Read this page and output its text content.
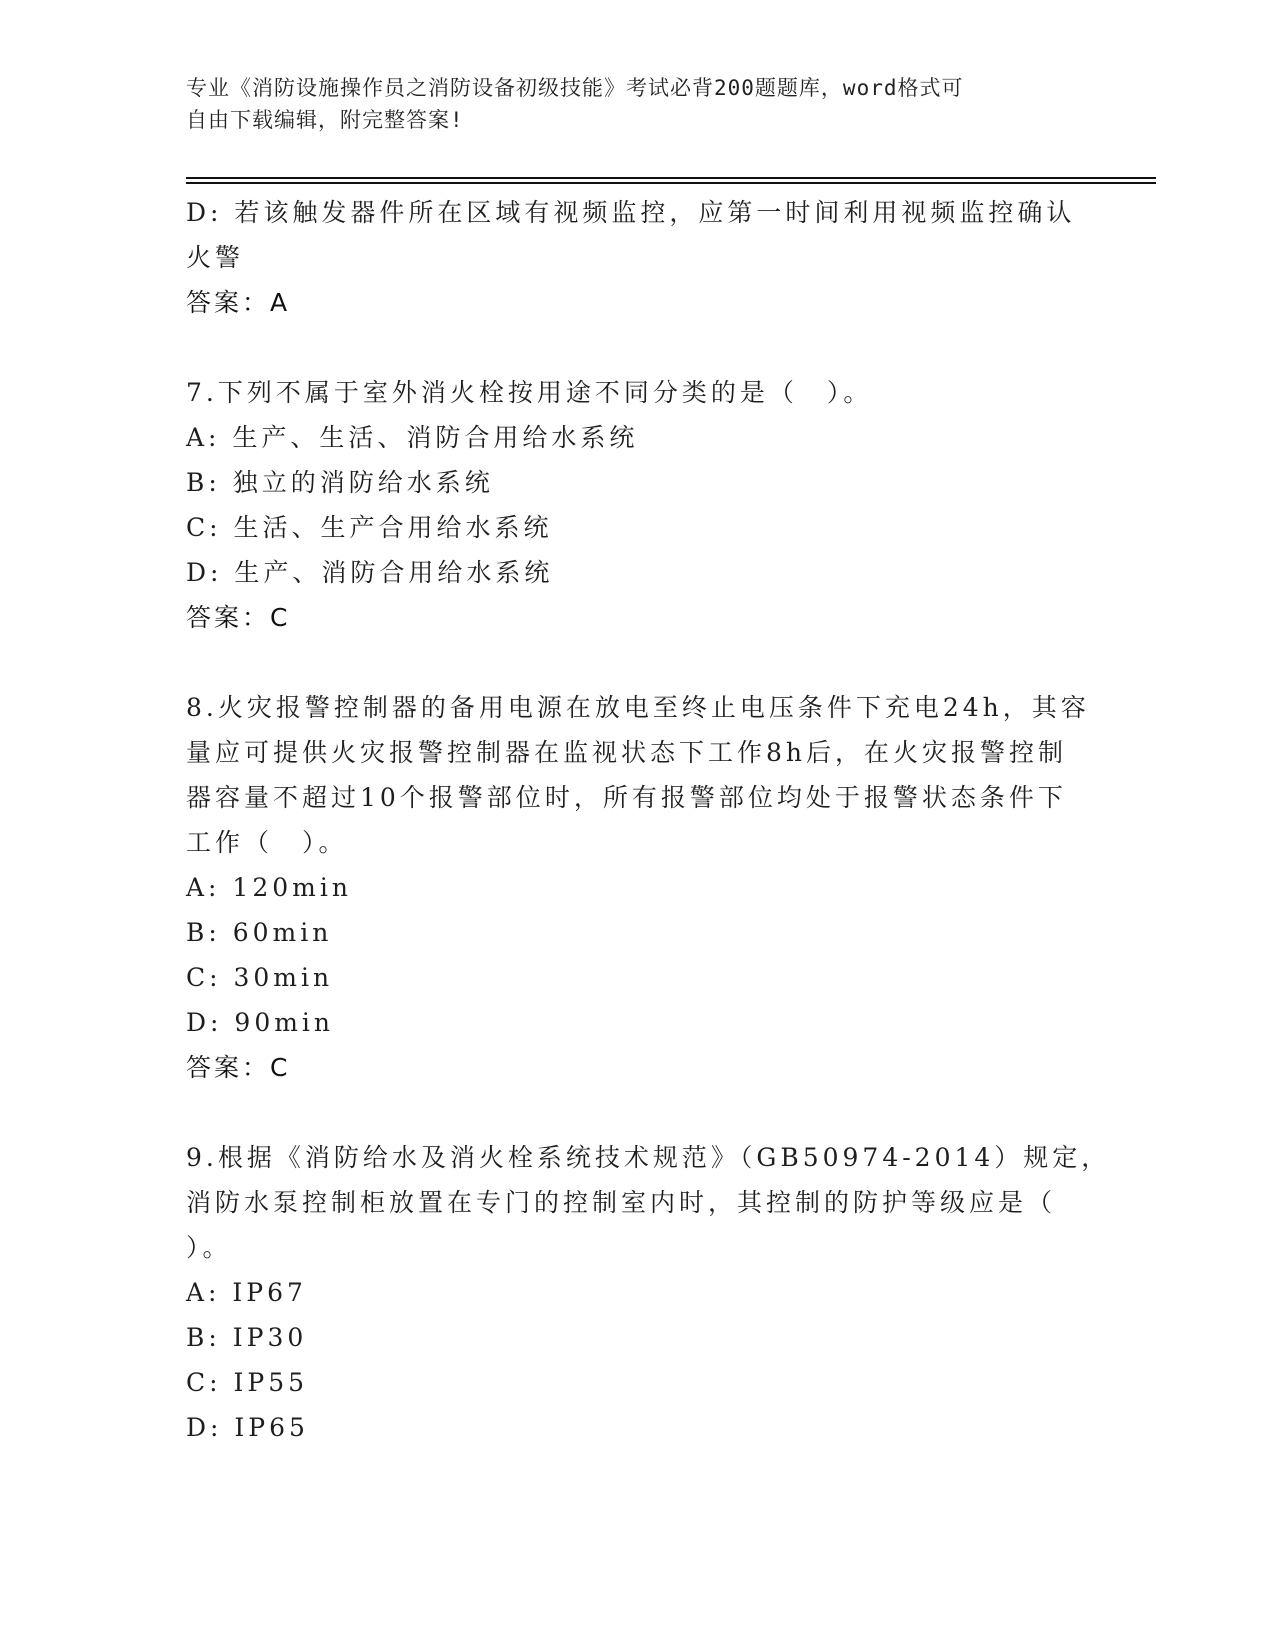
专业《消防设施操作员之消防设备初级技能》考试必背200题题库，word格式可
自由下载编辑，附完整答案!
D: 若该触发器件所在区域有视频监控，应第一时间利用视频监控确认
火警
答案：A
7.下列不属于室外消火栓按用途不同分类的是（　）。
A: 生产、生活、消防合用给水系统
B: 独立的消防给水系统
C: 生活、生产合用给水系统
D: 生产、消防合用给水系统
答案：C
8.火灾报警控制器的备用电源在放电至终止电压条件下充电24h，其容
量应可提供火灾报警控制器在监视状态下工作8h后，在火灾报警控制
器容量不超过10个报警部位时，所有报警部位均处于报警状态条件下
工作（　）。
A: 120min
B: 60min
C: 30min
D: 90min
答案：C
9.根据《消防给水及消火栓系统技术规范》（GB50974-2014）规定，
消防水泵控制柜放置在专门的控制室内时，其控制的防护等级应是（
）。
A: IP67
B: IP30
C: IP55
D: IP65
